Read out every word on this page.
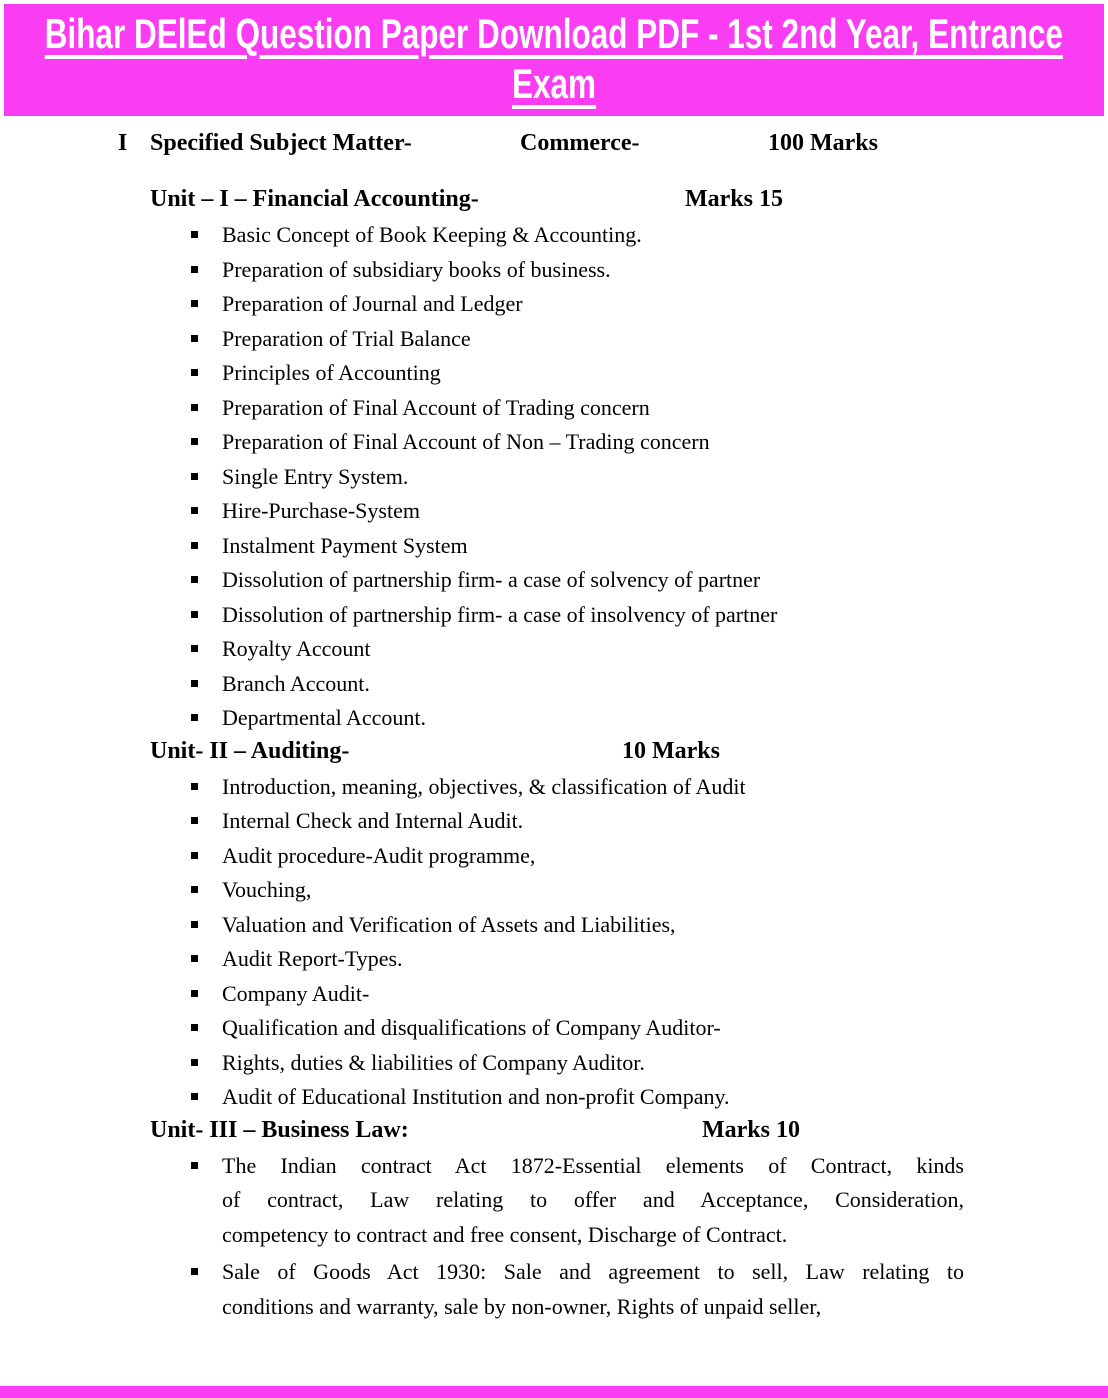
Bihar DElEd Question Paper Download PDF - 1st 2nd Year, Entrance
Exam
I Specified Subject Matter-	Commerce-	100 Marks
Unit – I – Financial Accounting-	Marks 15
Basic Concept of Book Keeping & Accounting.
Preparation of subsidiary books of business.
Preparation of Journal and Ledger
Preparation of Trial Balance
Principles of Accounting
Preparation of Final Account of Trading concern
Preparation of Final Account of Non – Trading concern
Single Entry System.
Hire-Purchase-System
Instalment Payment System
Dissolution of partnership firm- a case of solvency of partner
Dissolution of partnership firm- a case of insolvency of partner
Royalty Account
Branch Account.
Departmental Account.
Unit- II – Auditing-	10 Marks
Introduction, meaning, objectives, & classification of Audit
Internal Check and Internal Audit.
Audit procedure-Audit programme,
Vouching,
Valuation and Verification of Assets and Liabilities,
Audit Report-Types.
Company Audit-
Qualification and disqualifications of Company Auditor-
Rights, duties & liabilities of Company Auditor.
Audit of Educational Institution and non-profit Company.
Unit- III – Business Law:	Marks 10
The Indian contract Act 1872-Essential elements of Contract, kinds
of contract, Law relating to offer and Acceptance, Consideration,
competency to contract and free consent, Discharge of Contract.
Sale of Goods Act 1930: Sale and agreement to sell, Law relating to
conditions and warranty, sale by non-owner, Rights of unpaid seller,
